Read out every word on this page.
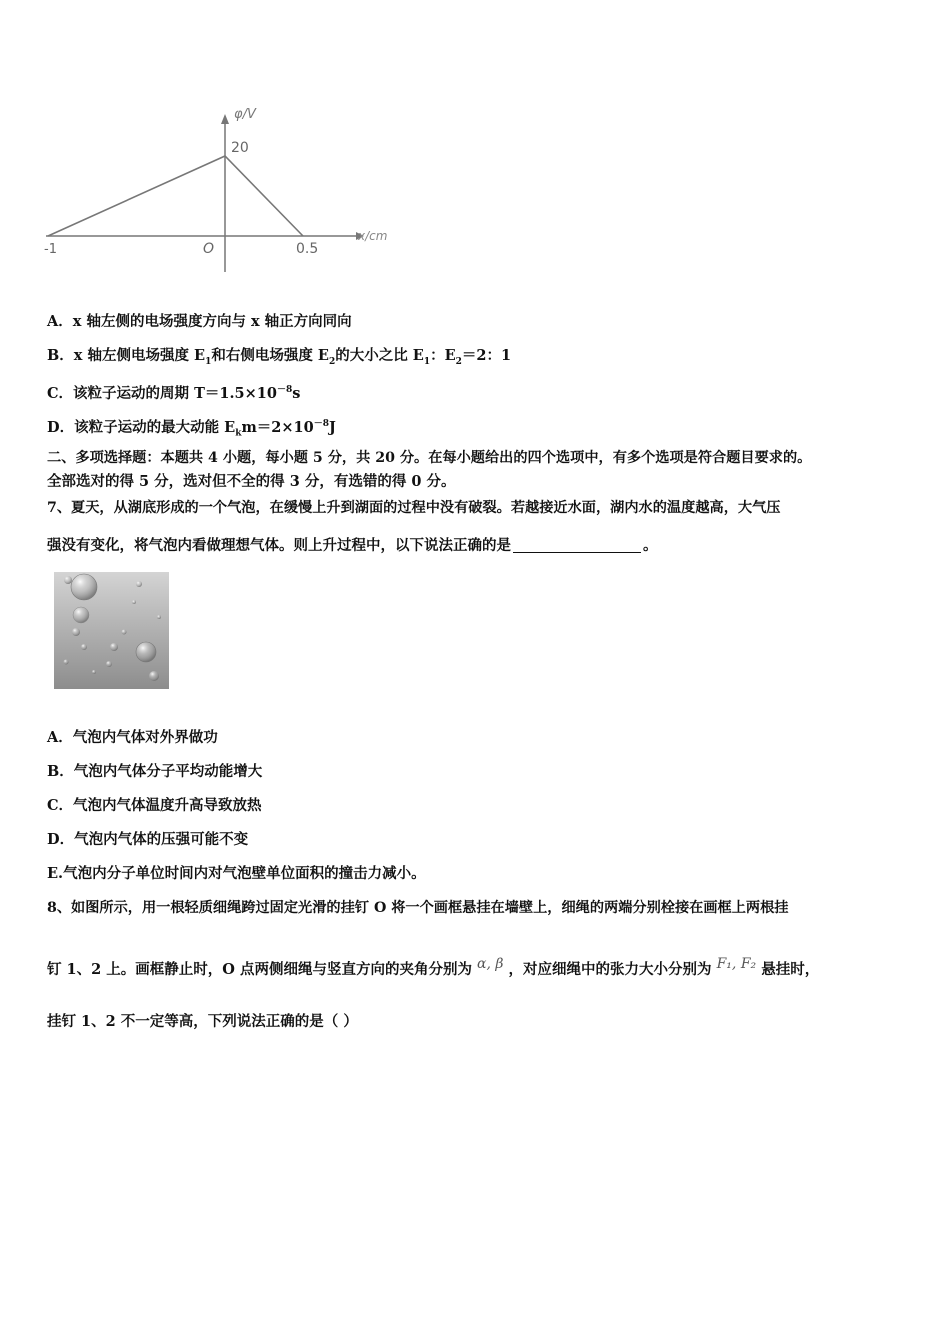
φ/V
20
O
-1	0.5
x/cm
A．x 轴左侧的电场强度方向与 x 轴正方向同向
B．x 轴左侧电场强度 $E_1$和右侧电场强度 $E_2$的大小之比 $E_1$：$E_2=2$：1
C．该粒子运动的周期 $T=1.5\times 10^{-8}s$
D．该粒子运动的最大动能 $E_km=2\times 10^{-8}J$
二、多项选择题：本题共 4 小题，每小题 5 分，共 20 分。在每小题给出的四个选项中，有多个选项是符合题目要求的。
全部选对的得 5 分，选对但不全的得 3 分，有选错的得 0 分。
7、夏天，从湖底形成的一个气泡，在缓慢上升到湖面的过程中没有破裂。若越接近水面，湖内水的温度越高，大气压
强没有变化，将气泡内看做理想气体。则上升过程中，以下说法正确的是	。
A．气泡内气体对外界做功
B．气泡内气体分子平均动能增大
C．气泡内气体温度升高导致放热
D．气泡内气体的压强可能不变
E.气泡内分子单位时间内对气泡壁单位面积的撞击力减小。
8、如图所示，用一根轻质细绳跨过固定光滑的挂钉 O 将一个画框悬挂在墙壁上，细绳的两端分别栓接在画框上两根挂
钉 1、2 上。画框静止时，O 点两侧细绳与竖直方向的夹角分别为 α, β ，对应细绳中的张力大小分别为 F₁, F₂ 悬挂时，
挂钉 1、2 不一定等高，下列说法正确的是（ ）
